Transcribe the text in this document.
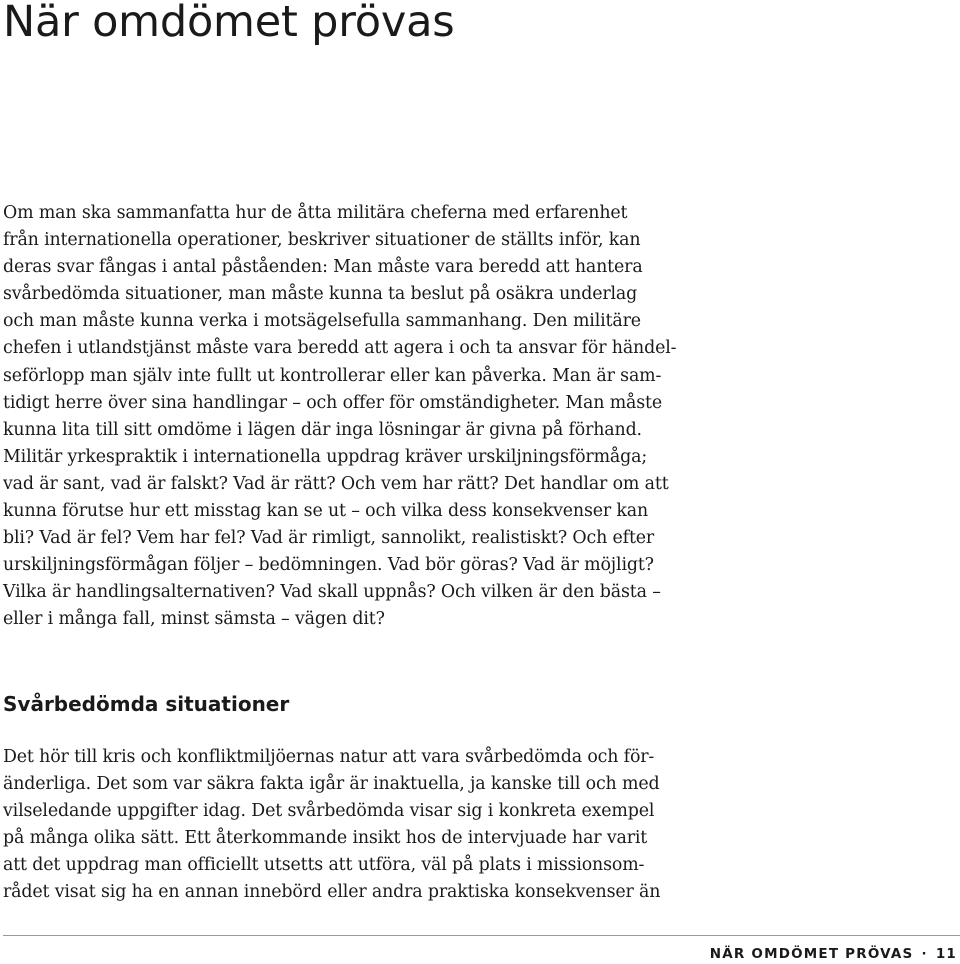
När omdömet prövas

Om man ska sammanfatta hur de åtta militära cheferna med erfarenhet
från internationella operationer, beskriver situationer de ställts inför, kan
deras svar fångas i antal påståenden: Man måste vara beredd att hantera
svårbedömda situationer, man måste kunna ta beslut på osäkra underlag
och man måste kunna verka i motsägelsefulla sammanhang. Den militäre
chefen i utlandstjänst måste vara beredd att agera i och ta ansvar för händel-
seförlopp man själv inte fullt ut kontrollerar eller kan påverka. Man är sam-
tidigt herre över sina handlingar – och offer för omständigheter. Man måste
kunna lita till sitt omdöme i lägen där inga lösningar är givna på förhand.
Militär yrkespraktik i internationella uppdrag kräver urskiljningsförmåga;
vad är sant, vad är falskt? Vad är rätt? Och vem har rätt? Det handlar om att
kunna förutse hur ett misstag kan se ut – och vilka dess konsekvenser kan
bli? Vad är fel? Vem har fel? Vad är rimligt, sannolikt, realistiskt? Och efter
urskiljningsförmågan följer – bedömningen. Vad bör göras? Vad är möjligt?
Vilka är handlingsalternativen? Vad skall uppnås? Och vilken är den bästa –
eller i många fall, minst sämsta – vägen dit?

Svårbedömda situationer

Det hör till kris och konfliktmiljöernas natur att vara svårbedömda och för-
änderliga. Det som var säkra fakta igår är inaktuella, ja kanske till och med
vilseledande uppgifter idag. Det svårbedömda visar sig i konkreta exempel
på många olika sätt. Ett återkommande insikt hos de intervjuade har varit
att det uppdrag man officiellt utsetts att utföra, väl på plats i missionsom-
rådet visat sig ha en annan innebörd eller andra praktiska konsekvenser än

NÄR OMDÖMET PRÖVAS · 11
